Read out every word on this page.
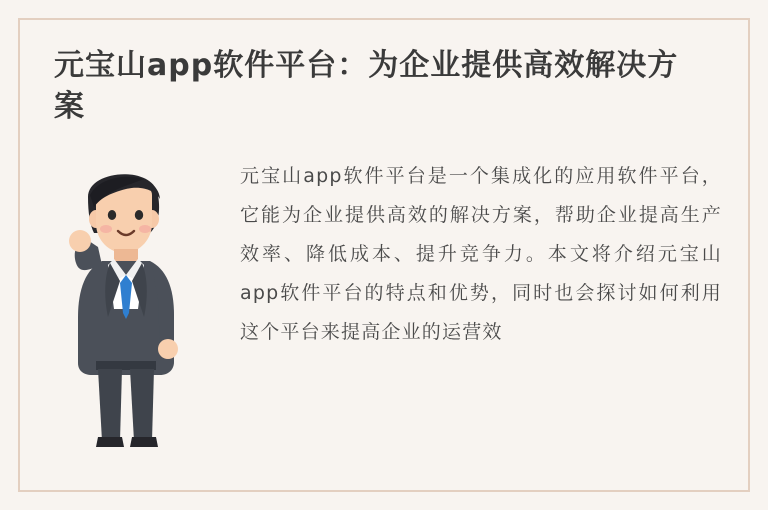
元宝山app软件平台：为企业提供高效解决方案
元宝山app软件平台是一个集成化的应用软件平台，它能为企业提供高效的解决方案，帮助企业提高生产效率、降低成本、提升竞争力。本文将介绍元宝山app软件平台的特点和优势，同时也会探讨如何利用这个平台来提高企业的运营效
